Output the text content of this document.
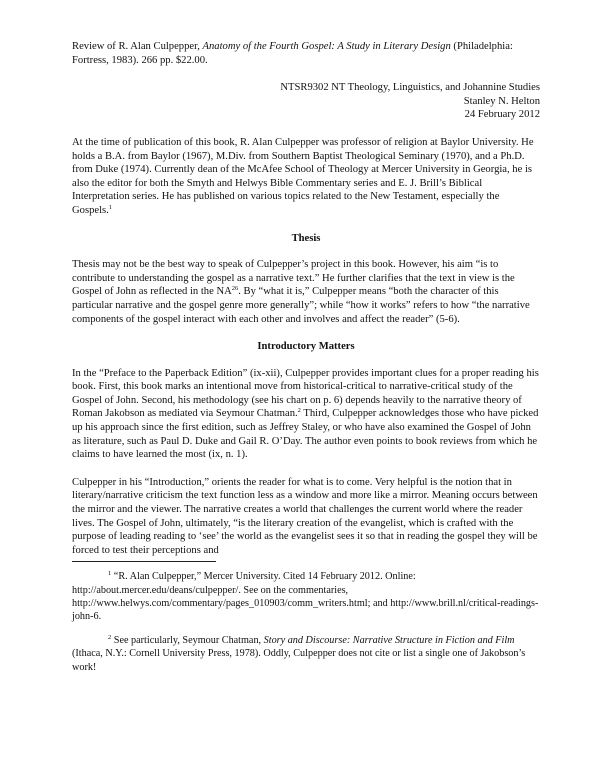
Review of R. Alan Culpepper, Anatomy of the Fourth Gospel: A Study in Literary Design (Philadelphia: Fortress, 1983). 266 pp. $22.00.

NTSR9302 NT Theology, Linguistics, and Johannine Studies
Stanley N. Helton
24 February 2012

At the time of publication of this book, R. Alan Culpepper was professor of religion at Baylor University. He holds a B.A. from Baylor (1967), M.Div. from Southern Baptist Theological Seminary (1970), and a Ph.D. from Duke (1974). Currently dean of the McAfee School of Theology at Mercer University in Georgia, he is also the editor for both the Smyth and Helwys Bible Commentary series and E. J. Brill’s Biblical Interpretation series. He has published on various topics related to the New Testament, especially the Gospels.$^1$

Thesis

Thesis may not be the best way to speak of Culpepper’s project in this book. However, his aim “is to contribute to understanding the gospel as a narrative text.” He further clarifies that the text in view is the Gospel of John as reflected in the NA$^{26}$. By “what it is,” Culpepper means “both the character of this particular narrative and the gospel genre more generally”; while “how it works” refers to how “the narrative components of the gospel interact with each other and involves and affect the reader” (5-6).

Introductory Matters

In the “Preface to the Paperback Edition” (ix-xii), Culpepper provides important clues for a proper reading his book. First, this book marks an intentional move from historical-critical to narrative-critical study of the Gospel of John. Second, his methodology (see his chart on p. 6) depends heavily to the narrative theory of Roman Jakobson as mediated via Seymour Chatman.$^2$ Third, Culpepper acknowledges those who have picked up his approach since the first edition, such as Jeffrey Staley, or who have also examined the Gospel of John as literature, such as Paul D. Duke and Gail R. O’Day. The author even points to book reviews from which he claims to have learned the most (ix, n. 1).

Culpepper in his “Introduction,” orients the reader for what is to come. Very helpful is the notion that in literary/narrative criticism the text function less as a window and more like a mirror. Meaning occurs between the mirror and the viewer. The narrative creates a world that challenges the current world where the reader lives. The Gospel of John, ultimately, “is the literary creation of the evangelist, which is crafted with the purpose of leading reading to ‘see’ the world as the evangelist sees it so that in reading the gospel they will be forced to test their perceptions and

$^1$ “R. Alan Culpepper,” Mercer University. Cited 14 February 2012. Online: http://about.mercer.edu/deans/culpepper/. See on the commentaries, http://www.helwys.com/commentary/pages_010903/comm_writers.html; and http://www.brill.nl/critical-readings-john-6.

$^2$ See particularly, Seymour Chatman, Story and Discourse: Narrative Structure in Fiction and Film (Ithaca, N.Y.: Cornell University Press, 1978). Oddly, Culpepper does not cite or list a single one of Jakobson’s work!
